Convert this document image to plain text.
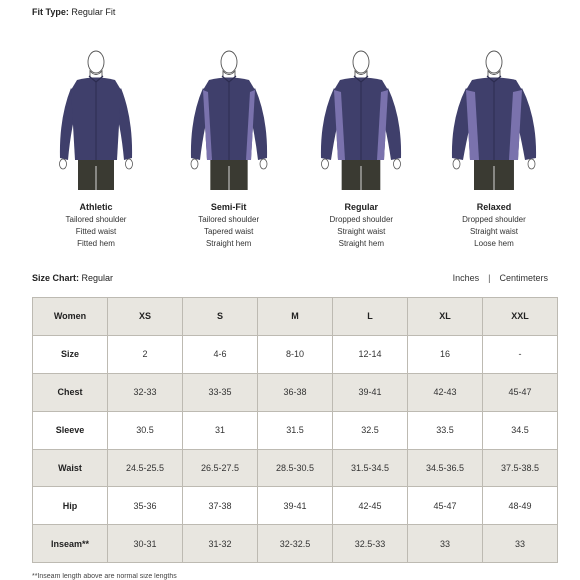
Fit Type: Regular Fit
Athletic
Tailored shoulder
Fitted waist
Fitted hem
Semi-Fit
Tailored shoulder
Tapered waist
Straight hem
Regular
Dropped shoulder
Straight waist
Straight hem
Relaxed
Dropped shoulder
Straight waist
Loose hem
Size Chart: Regular	Inches | Centimeters
Women	XS	S	M	L	XL	XXL
Size	2	4-6	8-10	12-14	16	-
Chest	32-33	33-35	36-38	39-41	42-43	45-47
Sleeve	30.5	31	31.5	32.5	33.5	34.5
Waist	24.5-25.5	26.5-27.5	28.5-30.5	31.5-34.5	34.5-36.5	37.5-38.5
Hip	35-36	37-38	39-41	42-45	45-47	48-49
Inseam**	30-31	31-32	32-32.5	32.5-33	33	33
**Inseam length above are normal size lengths
